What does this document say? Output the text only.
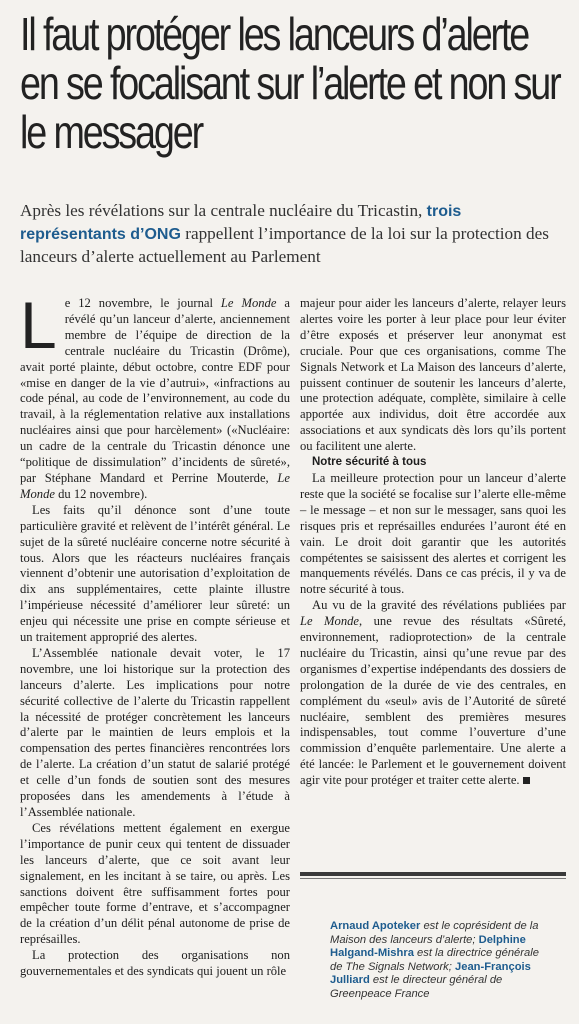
Il faut protéger les lanceurs d’alerte en se focalisant sur l’alerte et non sur le messager

Après les révélations sur la centrale nucléaire du Tricastin, trois représentants d’ONG rappellent l’importance de la loi sur la protection des lanceurs d’alerte actuellement au Parlement

Le 12 novembre, le journal Le Monde a révélé qu’un lanceur d’alerte, anciennement membre de l’équipe de direction de la centrale nucléaire du Tricastin (Drôme), avait porté plainte, début octobre, contre EDF pour «mise en danger de la vie d’autrui», «infractions au code pénal, au code de l’environnement, au code du travail, à la réglementation relative aux installations nucléaires ainsi que pour harcèlement» («Nucléaire: un cadre de la centrale du Tricastin dénonce une “politique de dissimulation” d’incidents de sûreté», par Stéphane Mandard et Perrine Mouterde, Le Monde du 12 novembre).

Les faits qu’il dénonce sont d’une toute particulière gravité et relèvent de l’intérêt général. Le sujet de la sûreté nucléaire concerne notre sécurité à tous. Alors que les réacteurs nucléaires français viennent d’obtenir une autorisation d’exploitation de dix ans supplémentaires, cette plainte illustre l’impérieuse nécessité d’améliorer leur sûreté: un enjeu qui nécessite une prise en compte sérieuse et un traitement approprié des alertes.

L’Assemblée nationale devait voter, le 17 novembre, une loi historique sur la protection des lanceurs d’alerte. Les implications pour notre sécurité collective de l’alerte du Tricastin rappellent la nécessité de protéger concrètement les lanceurs d’alerte par le maintien de leurs emplois et la compensation des pertes financières rencontrées lors de l’alerte. La création d’un statut de salarié protégé et celle d’un fonds de soutien sont des mesures proposées dans les amendements à l’étude à l’Assemblée nationale.

Ces révélations mettent également en exergue l’importance de punir ceux qui tentent de dissuader les lanceurs d’alerte, que ce soit avant leur signalement, en les incitant à se taire, ou après. Les sanctions doivent être suffisamment fortes pour empêcher toute forme d’entrave, et s’accompagner de la création d’un délit pénal autonome de prise de représailles.

La protection des organisations non gouvernementales et des syndicats qui jouent un rôle

majeur pour aider les lanceurs d’alerte, relayer leurs alertes voire les porter à leur place pour leur éviter d’être exposés et préserver leur anonymat est cruciale. Pour que ces organisations, comme The Signals Network et La Maison des lanceurs d’alerte, puissent continuer de soutenir les lanceurs d’alerte, une protection adéquate, complète, similaire à celle apportée aux individus, doit être accordée aux associations et aux syndicats dès lors qu’ils portent ou facilitent une alerte.

Notre sécurité à tous

La meilleure protection pour un lanceur d’alerte reste que la société se focalise sur l’alerte elle-même – le message – et non sur le messager, sans quoi les risques pris et représailles endurées l’auront été en vain. Le droit doit garantir que les autorités compétentes se saisissent des alertes et corrigent les manquements révélés. Dans ce cas précis, il y va de notre sécurité à tous.

Au vu de la gravité des révélations publiées par Le Monde, une revue des résultats «Sûreté, environnement, radioprotection» de la centrale nucléaire du Tricastin, ainsi qu’une revue par des organismes d’expertise indépendants des dossiers de prolongation de la durée de vie des centrales, en complément du «seul» avis de l’Autorité de sûreté nucléaire, semblent des premières mesures indispensables, tout comme l’ouverture d’une commission d’enquête parlementaire. Une alerte a été lancée: le Parlement et le gouvernement doivent agir vite pour protéger et traiter cette alerte.

Arnaud Apoteker est le coprésident de la Maison des lanceurs d’alerte; Delphine Halgand-Mishra est la directrice générale de The Signals Network; Jean-François Julliard est le directeur général de Greenpeace France
